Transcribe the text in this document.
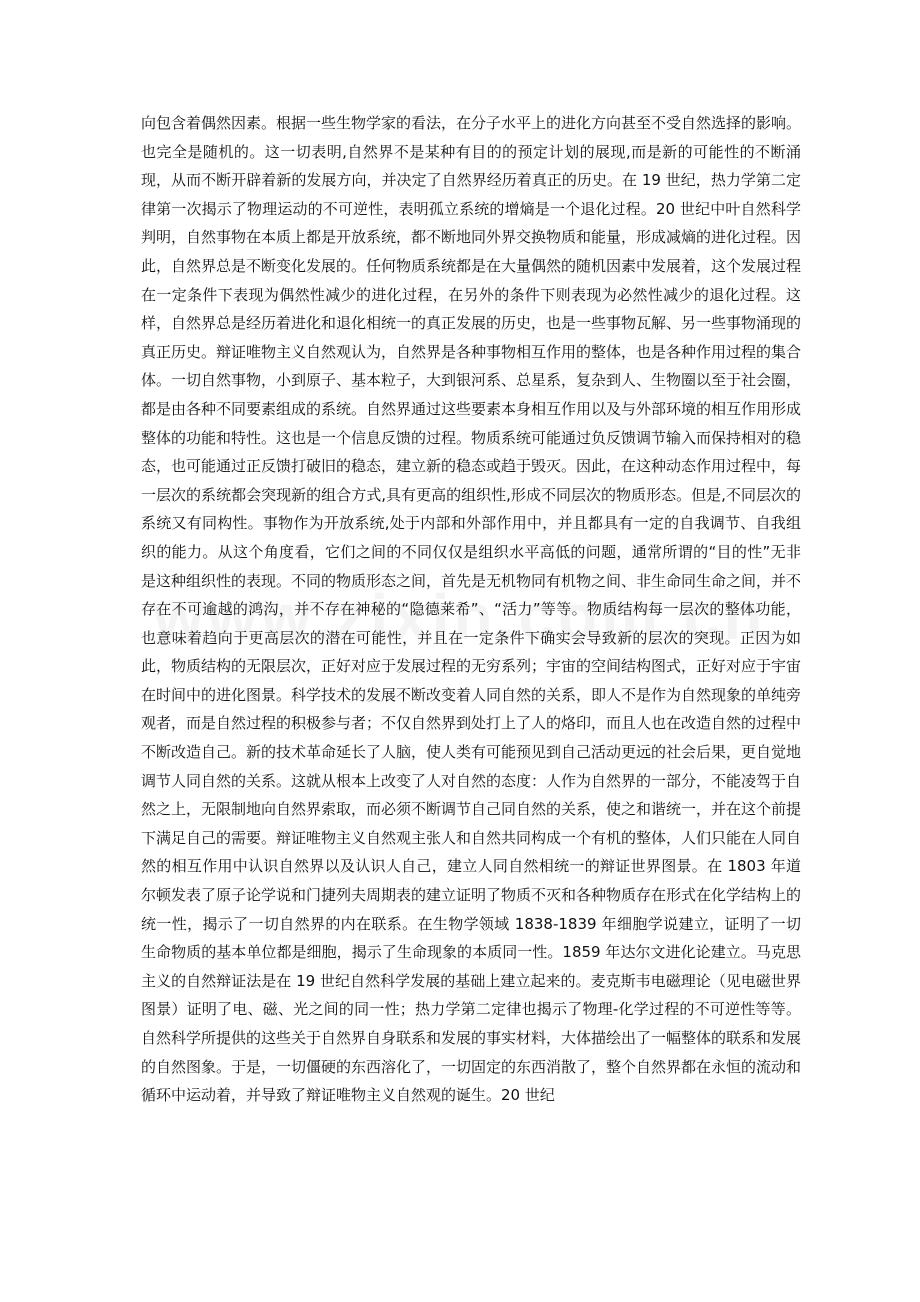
向包含着偶然因素。根据一些生物学家的看法，在分子水平上的进化方向甚至不受自然选择的影响。也完全是随机的。这一切表明,自然界不是某种有目的的预定计划的展现,而是新的可能性的不断涌现，从而不断开辟着新的发展方向，并决定了自然界经历着真正的历史。在 19 世纪，热力学第二定律第一次揭示了物理运动的不可逆性，表明孤立系统的增熵是一个退化过程。20 世纪中叶自然科学判明，自然事物在本质上都是开放系统，都不断地同外界交换物质和能量，形成减熵的进化过程。因此，自然界总是不断变化发展的。任何物质系统都是在大量偶然的随机因素中发展着，这个发展过程在一定条件下表现为偶然性减少的进化过程，在另外的条件下则表现为必然性减少的退化过程。这样，自然界总是经历着进化和退化相统一的真正发展的历史，也是一些事物瓦解、另一些事物涌现的真正历史。辩证唯物主义自然观认为，自然界是各种事物相互作用的整体，也是各种作用过程的集合体。一切自然事物，小到原子、基本粒子，大到银河系、总星系，复杂到人、生物圈以至于社会圈，都是由各种不同要素组成的系统。自然界通过这些要素本身相互作用以及与外部环境的相互作用形成整体的功能和特性。这也是一个信息反馈的过程。物质系统可能通过负反馈调节输入而保持相对的稳态，也可能通过正反馈打破旧的稳态，建立新的稳态或趋于毁灭。因此，在这种动态作用过程中，每一层次的系统都会突现新的组合方式,具有更高的组织性,形成不同层次的物质形态。但是,不同层次的系统又有同构性。事物作为开放系统,处于内部和外部作用中，并且都具有一定的自我调节、自我组织的能力。从这个角度看，它们之间的不同仅仅是组织水平高低的问题，通常所谓的“目的性”无非是这种组织性的表现。不同的物质形态之间，首先是无机物同有机物之间、非生命同生命之间，并不存在不可逾越的鸿沟，并不存在神秘的“隐德莱希”、“活力”等等。物质结构每一层次的整体功能，也意味着趋向于更高层次的潜在可能性，并且在一定条件下确实会导致新的层次的突现。正因为如此，物质结构的无限层次，正好对应于发展过程的无穷系列；宇宙的空间结构图式，正好对应于宇宙在时间中的进化图景。科学技术的发展不断改变着人同自然的关系，即人不是作为自然现象的单纯旁观者，而是自然过程的积极参与者；不仅自然界到处打上了人的烙印，而且人也在改造自然的过程中不断改造自己。新的技术革命延长了人脑，使人类有可能预见到自己活动更远的社会后果，更自觉地调节人同自然的关系。这就从根本上改变了人对自然的态度：人作为自然界的一部分，不能凌驾于自然之上，无限制地向自然界索取，而必须不断调节自己同自然的关系，使之和谐统一，并在这个前提下满足自己的需要。辩证唯物主义自然观主张人和自然共同构成一个有机的整体，人们只能在人同自然的相互作用中认识自然界以及认识人自己，建立人同自然相统一的辩证世界图景。在 1803 年道尔顿发表了原子论学说和门捷列夫周期表的建立证明了物质不灭和各种物质存在形式在化学结构上的统一性，揭示了一切自然界的内在联系。在生物学领域 1838-1839 年细胞学说建立，证明了一切生命物质的基本单位都是细胞，揭示了生命现象的本质同一性。1859 年达尔文进化论建立。马克思主义的自然辩证法是在 19 世纪自然科学发展的基础上建立起来的。麦克斯韦电磁理论（见电磁世界图景）证明了电、磁、光之间的同一性；热力学第二定律也揭示了物理-化学过程的不可逆性等等。自然科学所提供的这些关于自然界自身联系和发展的事实材料，大体描绘出了一幅整体的联系和发展的自然图象。于是，一切僵硬的东西溶化了，一切固定的东西消散了，整个自然界都在永恒的流动和循环中运动着，并导致了辩证唯物主义自然观的诞生。20 世纪
